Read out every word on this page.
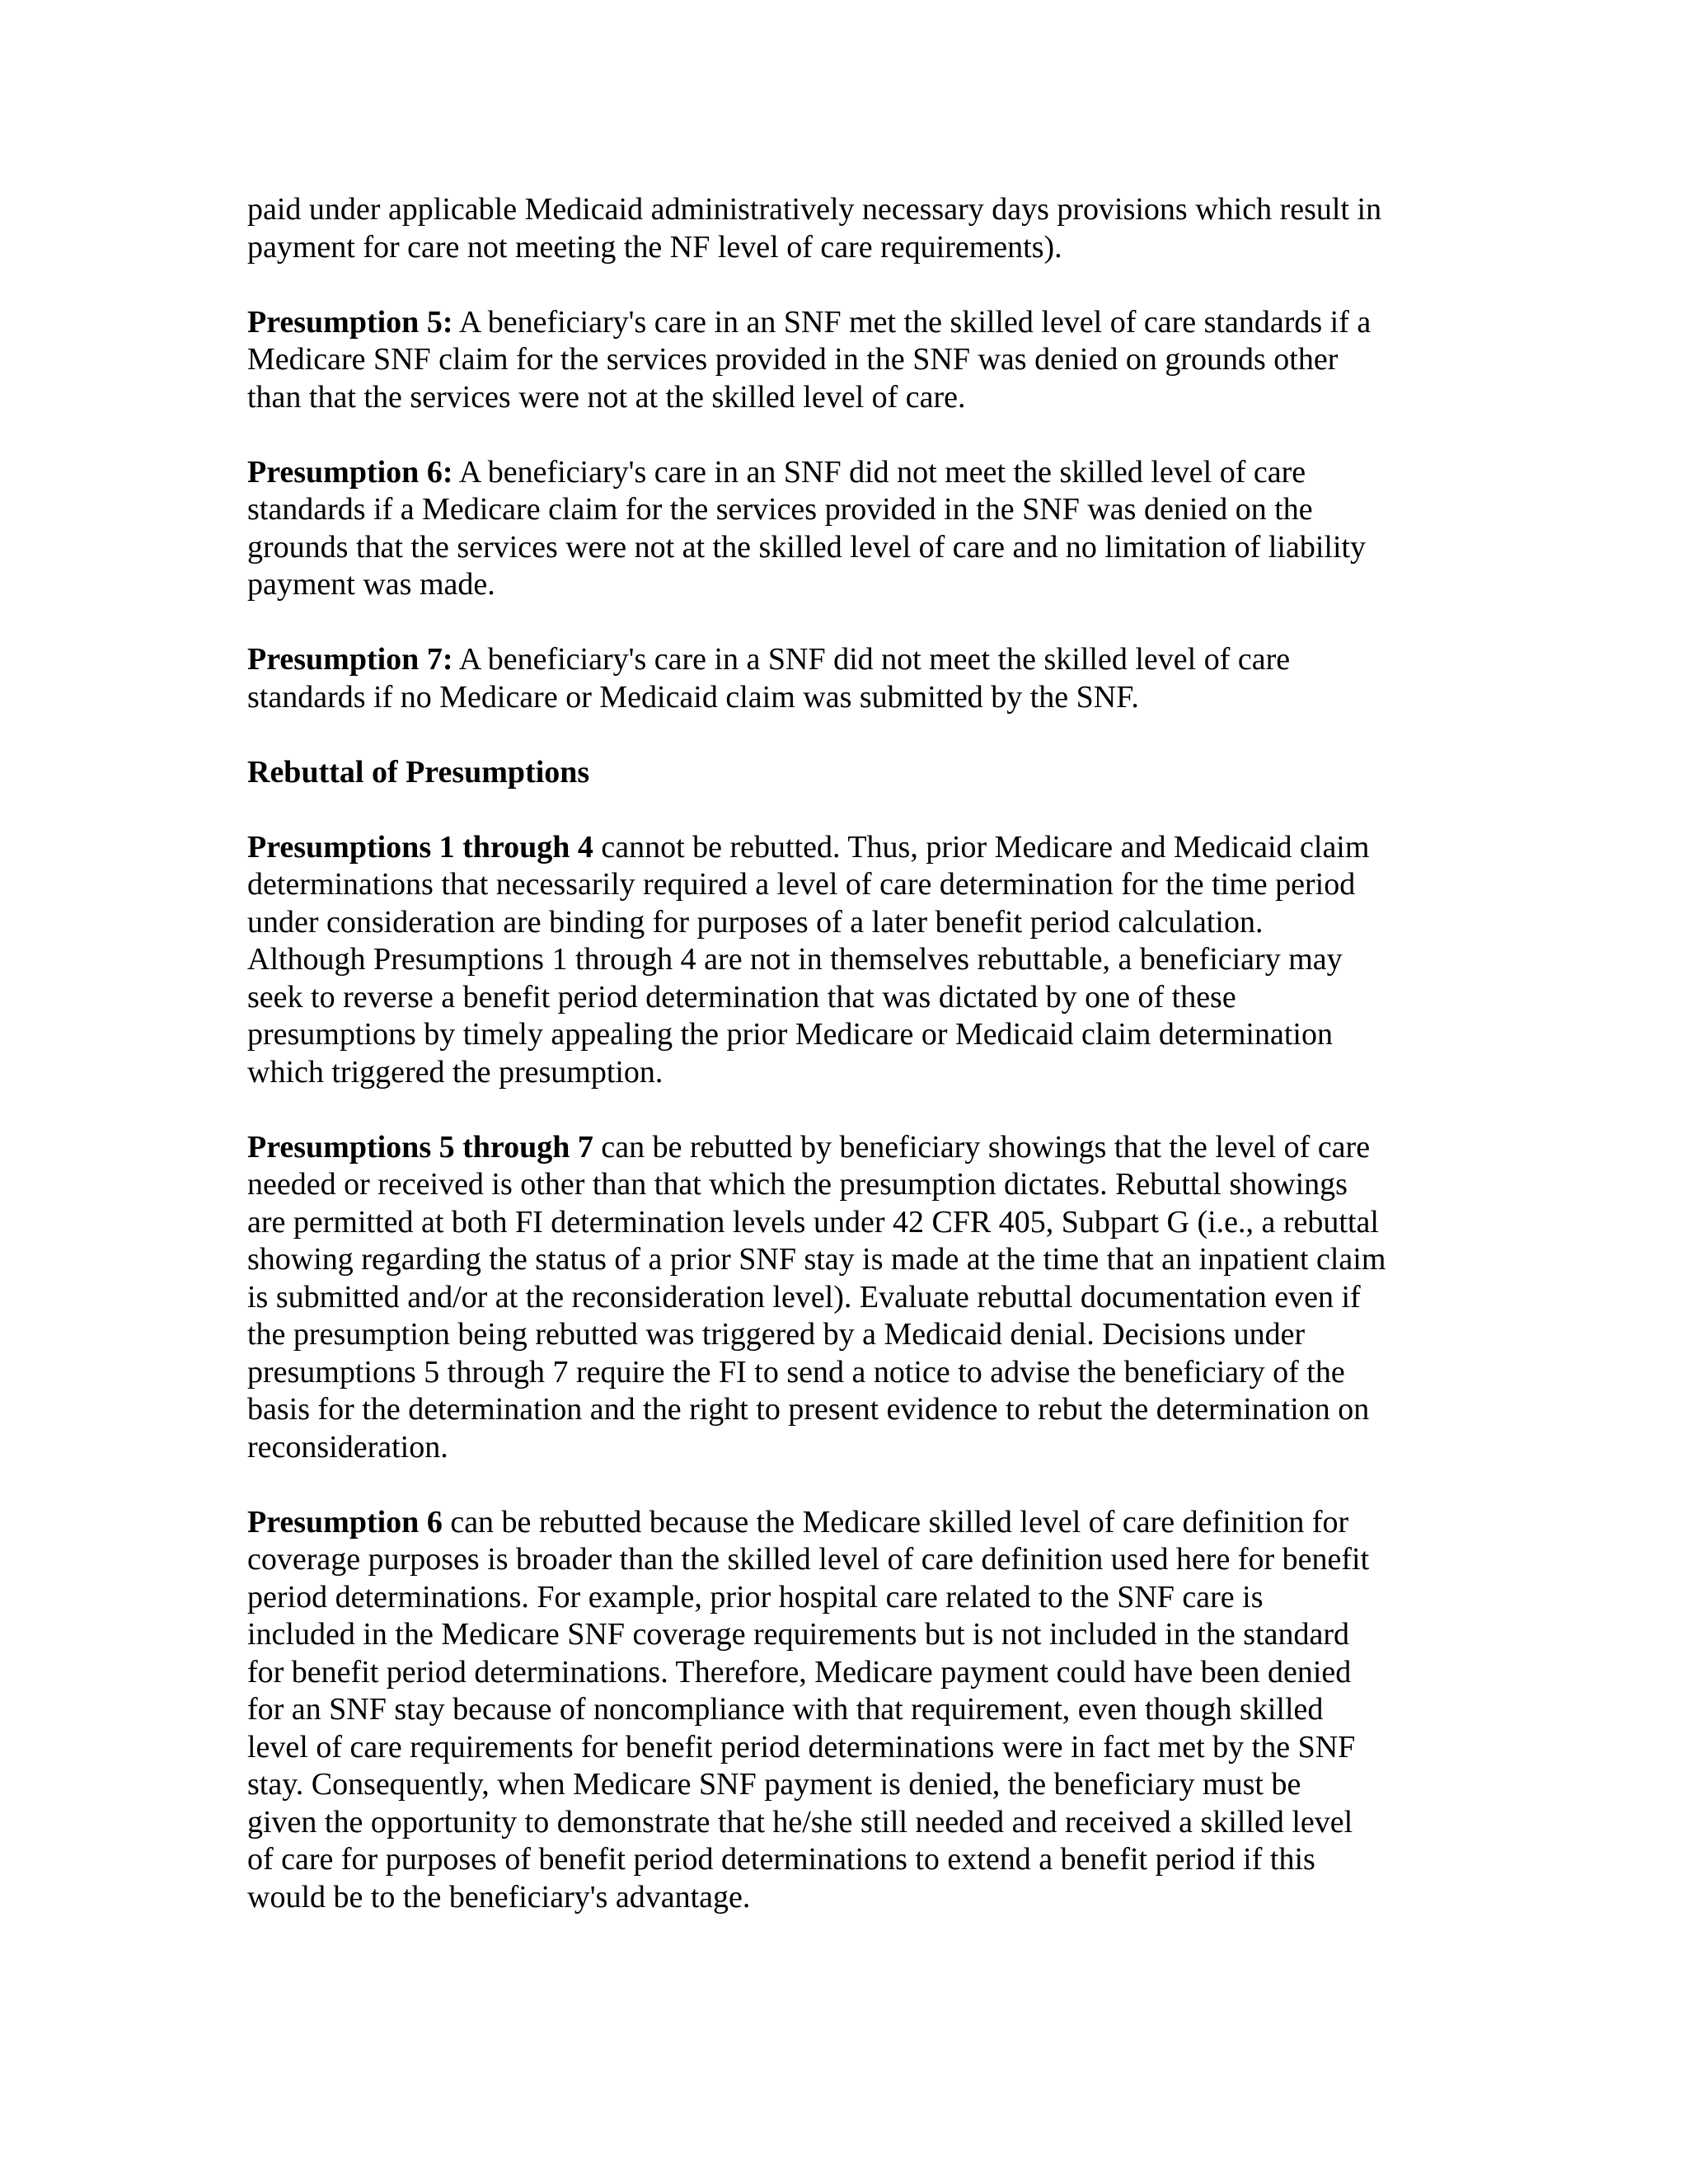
paid under applicable Medicaid administratively necessary days provisions which result in
payment for care not meeting the NF level of care requirements).

Presumption 5: A beneficiary's care in an SNF met the skilled level of care standards if a
Medicare SNF claim for the services provided in the SNF was denied on grounds other
than that the services were not at the skilled level of care.

Presumption 6: A beneficiary's care in an SNF did not meet the skilled level of care
standards if a Medicare claim for the services provided in the SNF was denied on the
grounds that the services were not at the skilled level of care and no limitation of liability
payment was made.

Presumption 7: A beneficiary's care in a SNF did not meet the skilled level of care
standards if no Medicare or Medicaid claim was submitted by the SNF.

Rebuttal of Presumptions

Presumptions 1 through 4 cannot be rebutted. Thus, prior Medicare and Medicaid claim
determinations that necessarily required a level of care determination for the time period
under consideration are binding for purposes of a later benefit period calculation.
Although Presumptions 1 through 4 are not in themselves rebuttable, a beneficiary may
seek to reverse a benefit period determination that was dictated by one of these
presumptions by timely appealing the prior Medicare or Medicaid claim determination
which triggered the presumption.

Presumptions 5 through 7 can be rebutted by beneficiary showings that the level of care
needed or received is other than that which the presumption dictates. Rebuttal showings
are permitted at both FI determination levels under 42 CFR 405, Subpart G (i.e., a rebuttal
showing regarding the status of a prior SNF stay is made at the time that an inpatient claim
is submitted and/or at the reconsideration level). Evaluate rebuttal documentation even if
the presumption being rebutted was triggered by a Medicaid denial. Decisions under
presumptions 5 through 7 require the FI to send a notice to advise the beneficiary of the
basis for the determination and the right to present evidence to rebut the determination on
reconsideration.

Presumption 6 can be rebutted because the Medicare skilled level of care definition for
coverage purposes is broader than the skilled level of care definition used here for benefit
period determinations. For example, prior hospital care related to the SNF care is
included in the Medicare SNF coverage requirements but is not included in the standard
for benefit period determinations. Therefore, Medicare payment could have been denied
for an SNF stay because of noncompliance with that requirement, even though skilled
level of care requirements for benefit period determinations were in fact met by the SNF
stay. Consequently, when Medicare SNF payment is denied, the beneficiary must be
given the opportunity to demonstrate that he/she still needed and received a skilled level
of care for purposes of benefit period determinations to extend a benefit period if this
would be to the beneficiary's advantage.
